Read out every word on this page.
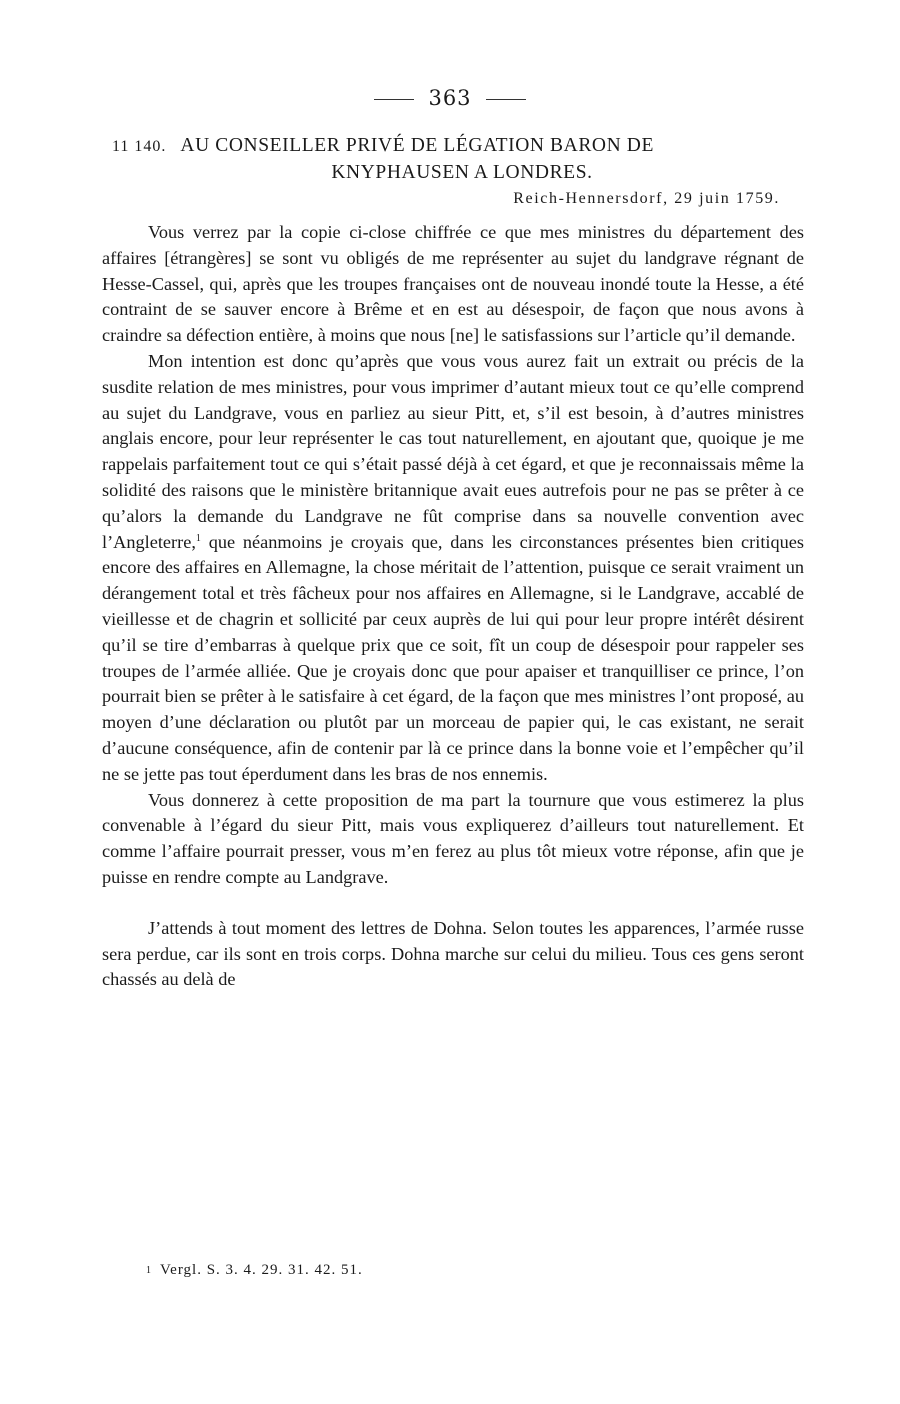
363
11 140. AU CONSEILLER PRIVÉ DE LÉGATION BARON DE
KNYPHAUSEN A LONDRES.
Reich-Hennersdorf, 29 juin 1759.

Vous verrez par la copie ci-close chiffrée ce que mes ministres du département des affaires [étrangères] se sont vu obligés de me représenter au sujet du landgrave régnant de Hesse-Cassel, qui, après que les troupes françaises ont de nouveau inondé toute la Hesse, a été contraint de se sauver encore à Brême et en est au désespoir, de façon que nous avons à craindre sa défection entière, à moins que nous [ne] le satisfassions sur l’article qu’il demande.

Mon intention est donc qu’après que vous vous aurez fait un extrait ou précis de la susdite relation de mes ministres, pour vous imprimer d’autant mieux tout ce qu’elle comprend au sujet du Landgrave, vous en parliez au sieur Pitt, et, s’il est besoin, à d’autres ministres anglais encore, pour leur représenter le cas tout naturellement, en ajoutant que, quoique je me rappelais parfaitement tout ce qui s’était passé déjà à cet égard, et que je reconnaissais même la solidité des raisons que le ministère britannique avait eues autrefois pour ne pas se prêter à ce qu’alors la demande du Landgrave ne fût comprise dans sa nouvelle convention avec l’Angleterre,$^1$ que néanmoins je croyais que, dans les circonstances présentes bien critiques encore des affaires en Allemagne, la chose méritait de l’attention, puisque ce serait vraiment un dérangement total et très fâcheux pour nos affaires en Allemagne, si le Landgrave, accablé de vieillesse et de chagrin et sollicité par ceux auprès de lui qui pour leur propre intérêt désirent qu’il se tire d’embarras à quelque prix que ce soit, fît un coup de désespoir pour rappeler ses troupes de l’armée alliée. Que je croyais donc que pour apaiser et tranquilliser ce prince, l’on pourrait bien se prêter à le satisfaire à cet égard, de la façon que mes ministres l’ont proposé, au moyen d’une déclaration ou plutôt par un morceau de papier qui, le cas existant, ne serait d’aucune conséquence, afin de contenir par là ce prince dans la bonne voie et l’empêcher qu’il ne se jette pas tout éperdument dans les bras de nos ennemis.

Vous donnerez à cette proposition de ma part la tournure que vous estimerez la plus convenable à l’égard du sieur Pitt, mais vous expliquerez d’ailleurs tout naturellement. Et comme l’affaire pourrait presser, vous m’en ferez au plus tôt mieux votre réponse, afin que je puisse en rendre compte au Landgrave.

J’attends à tout moment des lettres de Dohna. Selon toutes les apparences, l’armée russe sera perdue, car ils sont en trois corps. Dohna marche sur celui du milieu. Tous ces gens seront chassés au delà de

1 Vergl. S. 3. 4. 29. 31. 42. 51.
